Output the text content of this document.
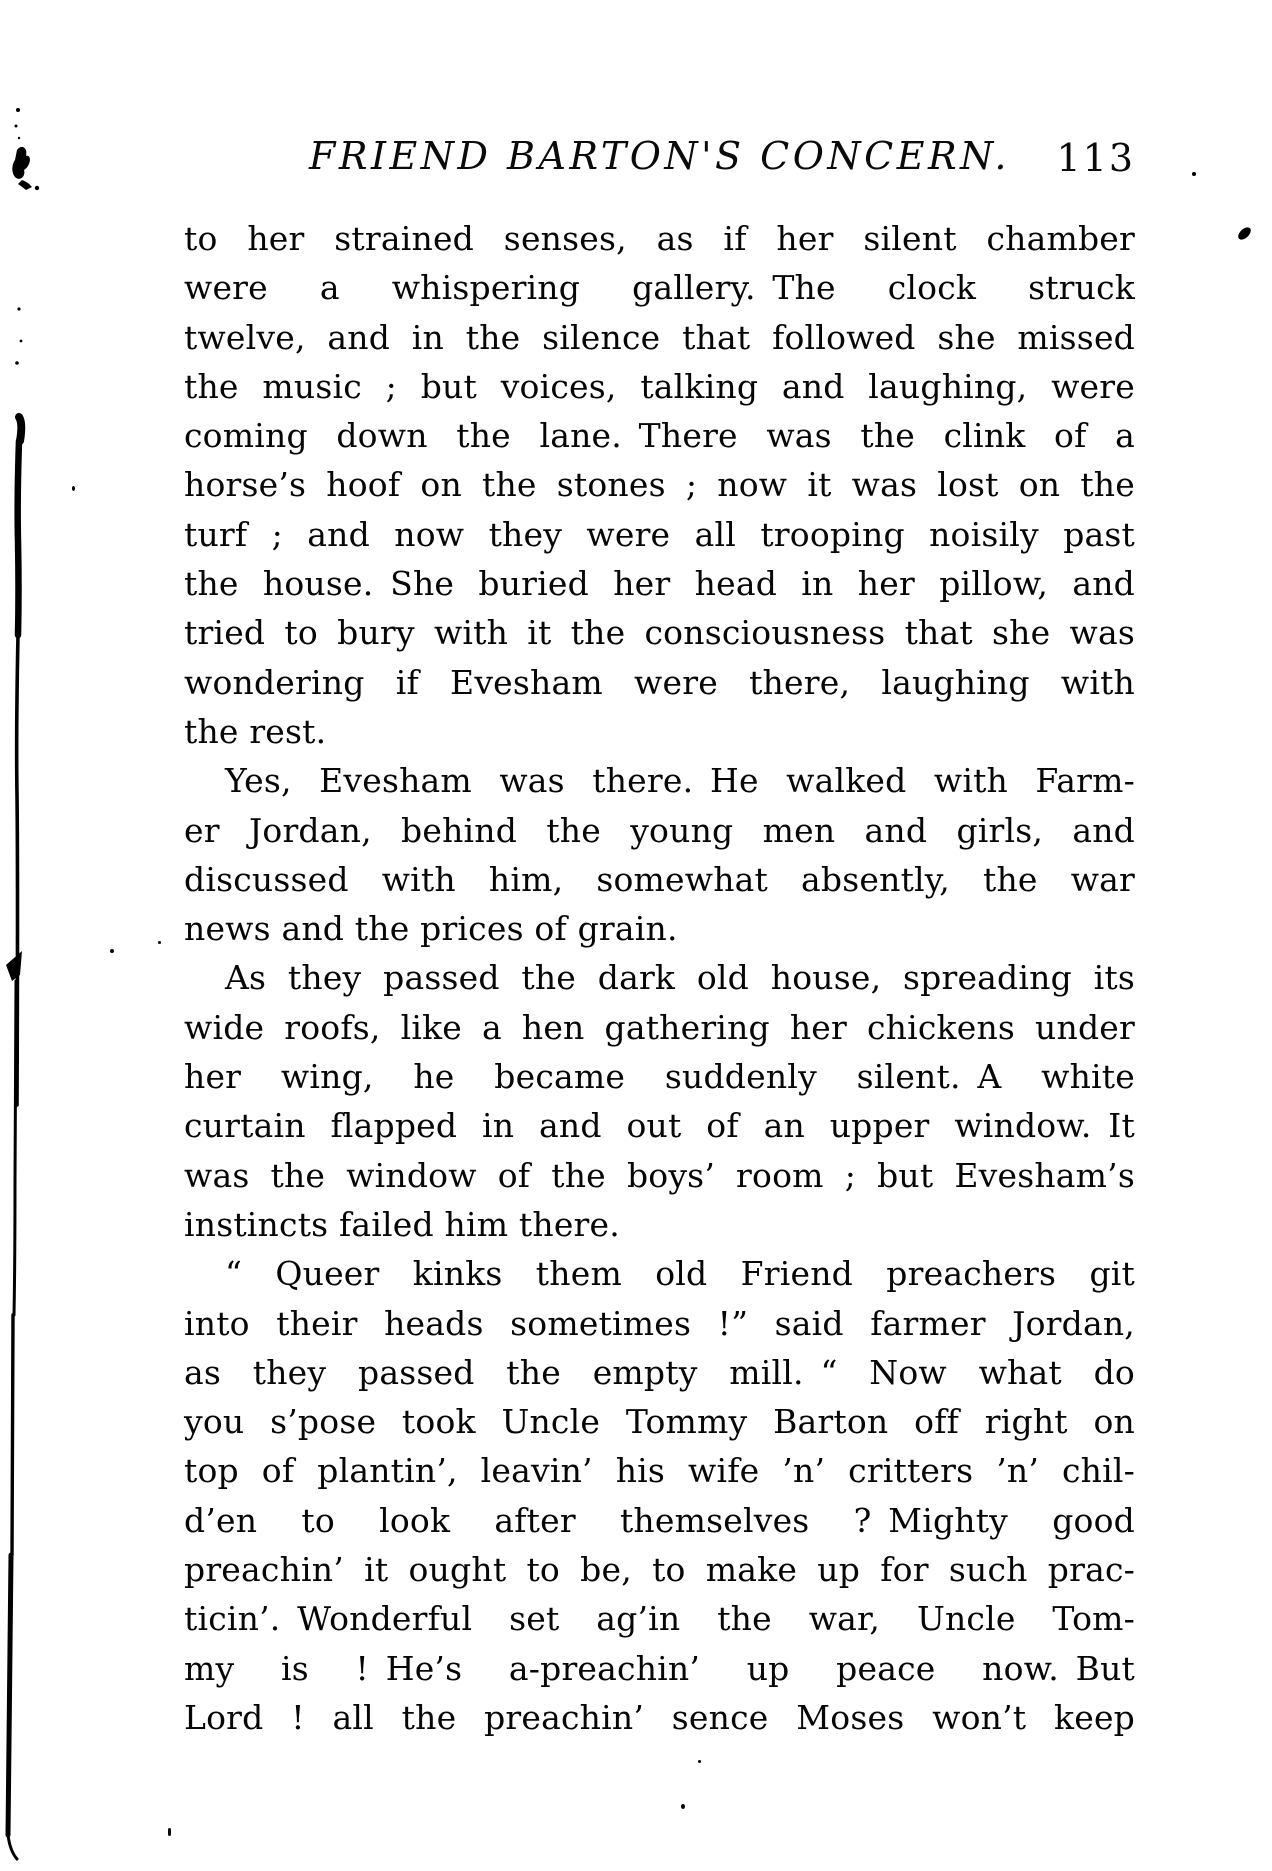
FRIEND BARTON'S CONCERN.	113
to her strained senses, as if her silent chamber
were a whispering gallery. The clock struck
twelve, and in the silence that followed she missed
the music ; but voices, talking and laughing, were
coming down the lane. There was the clink of a
horse’s hoof on the stones ; now it was lost on the
turf ; and now they were all trooping noisily past
the house. She buried her head in her pillow, and
tried to bury with it the consciousness that she was
wondering if Evesham were there, laughing with
the rest.
Yes, Evesham was there. He walked with Farm-
er Jordan, behind the young men and girls, and
discussed with him, somewhat absently, the war
news and the prices of grain.
As they passed the dark old house, spreading its
wide roofs, like a hen gathering her chickens under
her wing, he became suddenly silent. A white
curtain flapped in and out of an upper window. It
was the window of the boys’ room ; but Evesham’s
instincts failed him there.
“ Queer kinks them old Friend preachers git
into their heads sometimes !” said farmer Jordan,
as they passed the empty mill. “ Now what do
you s’pose took Uncle Tommy Barton off right on
top of plantin’, leavin’ his wife ’n’ critters ’n’ chil-
d’en to look after themselves ? Mighty good
preachin’ it ought to be, to make up for such prac-
ticin’. Wonderful set ag’in the war, Uncle Tom-
my is ! He’s a-preachin’ up peace now. But
Lord ! all the preachin’ sence Moses won’t keep
